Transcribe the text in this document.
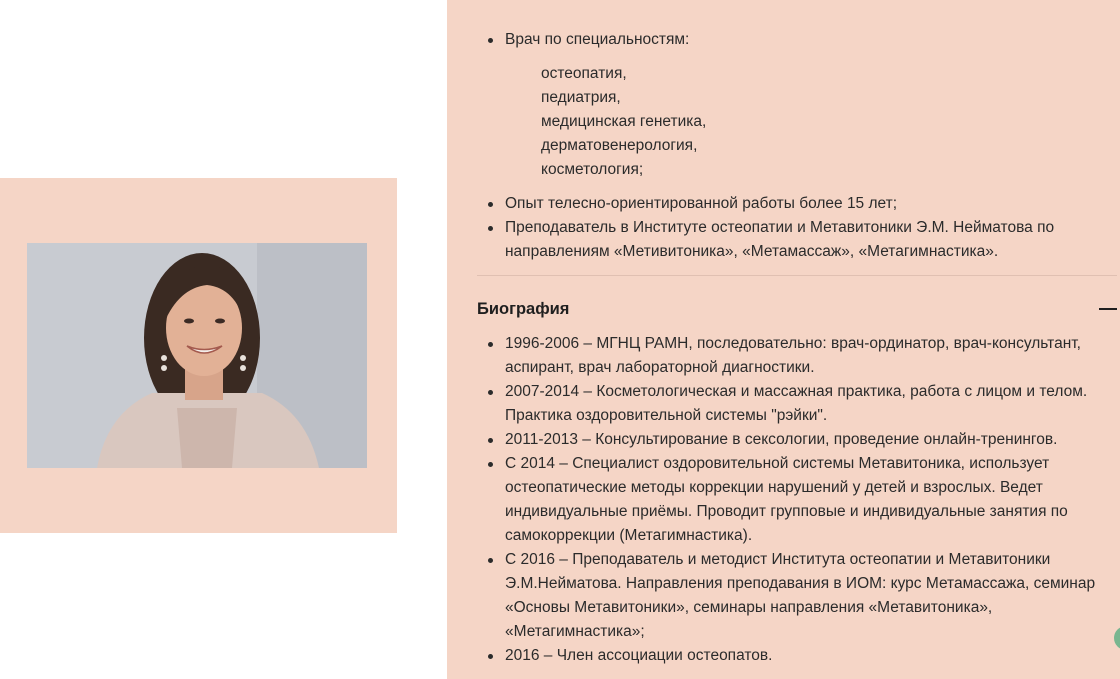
Врач по специальностям:
остеопатия,
педиатрия,
медицинская генетика,
дерматовенерология,
косметология;
Опыт телесно-ориентированной работы более 15 лет;
Преподаватель в Институте остеопатии и Метавитоники Э.М. Нейматова по направлениям «Метивитоника», «Метамассаж», «Метагимнастика».
Биография
1996-2006 – МГНЦ РАМН, последовательно: врач-ординатор, врач-консультант, аспирант, врач лабораторной диагностики.
2007-2014 – Косметологическая и массажная практика, работа с лицом и телом. Практика оздоровительной системы "рэйки".
2011-2013 – Консультирование в сексологии, проведение онлайн-тренингов.
С 2014 – Специалист оздоровительной системы Метавитоника, использует остеопатические методы коррекции нарушений у детей и взрослых. Ведет индивидуальные приёмы. Проводит групповые и индивидуальные занятия по самокоррекции (Метагимнастика).
С 2016 – Преподаватель и методист Института остеопатии и Метавитоники Э.М.Нейматова. Направления преподавания в ИОМ: курс Метамассажа, семинар «Основы Метавитоники», семинары направления «Метавитоника», «Метагимнастика»;
2016 – Член ассоциации остеопатов.
